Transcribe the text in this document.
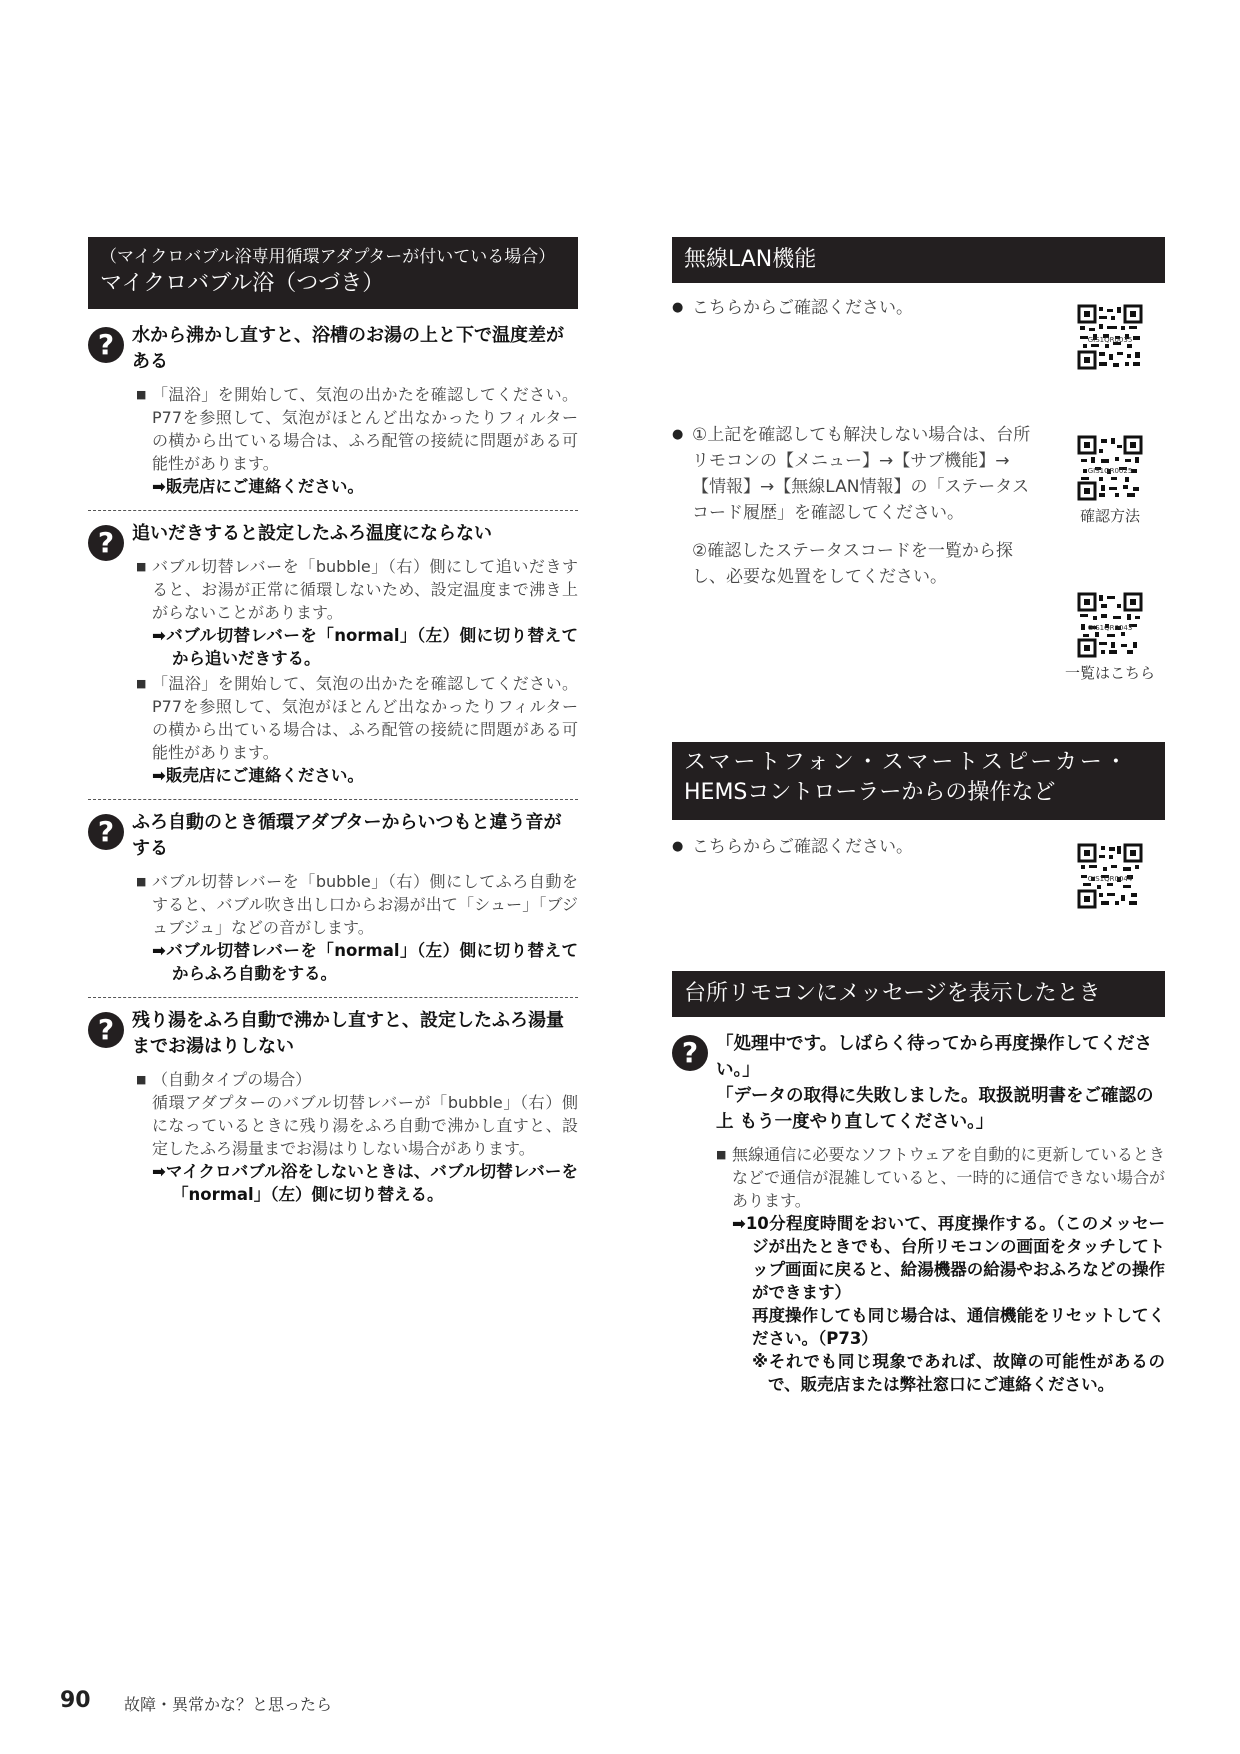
（マイクロバブル浴専用循環アダプターが付いている場合）
マイクロバブル浴（つづき）
? 水から沸かし直すと、浴槽のお湯の上と下で温度差がある
■ 「温浴」を開始して、気泡の出かたを確認してください。P77を参照して、気泡がほとんど出なかったりフィルターの横から出ている場合は、ふろ配管の接続に問題がある可能性があります。
➡販売店にご連絡ください。
? 追いだきすると設定したふろ温度にならない
■ バブル切替レバーを「bubble」（右）側にして追いだきすると、お湯が正常に循環しないため、設定温度まで沸き上がらないことがあります。
➡バブル切替レバーを「normal」（左）側に切り替えてから追いだきする。
■ 「温浴」を開始して、気泡の出かたを確認してください。P77を参照して、気泡がほとんど出なかったりフィルターの横から出ている場合は、ふろ配管の接続に問題がある可能性があります。
➡販売店にご連絡ください。
? ふろ自動のとき循環アダプターからいつもと違う音がする
■ バブル切替レバーを「bubble」（右）側にしてふろ自動をすると、バブル吹き出し口からお湯が出て「シュー」「ブジュブジュ」などの音がします。
➡バブル切替レバーを「normal」（左）側に切り替えてからふろ自動をする。
? 残り湯をふろ自動で沸かし直すと、設定したふろ湯量までお湯はりしない
■ （自動タイプの場合）
循環アダプターのバブル切替レバーが「bubble」（右）側になっているときに残り湯をふろ自動で沸かし直すと、設定したふろ湯量までお湯はりしない場合があります。
➡マイクロバブル浴をしないときは、バブル切替レバーを「normal」（左）側に切り替える。
無線LAN機能
● こちらからご確認ください。
GIS1QR0035
● ①上記を確認しても解決しない場合は、台所リモコンの【メニュー】→【サブ機能】→【情報】→【無線LAN情報】の「ステータスコード履歴」を確認してください。
②確認したステータスコードを一覧から探し、必要な処置をしてください。
GIS1QR0025
確認方法
GIS1QR0043
一覧はこちら
スマートフォン・スマートスピーカー・
HEMSコントローラーからの操作など
● こちらからご確認ください。
GIS1QR0044
台所リモコンにメッセージを表示したとき
?	「処理中です。しばらく待ってから再度操作してください。」
「データの取得に失敗しました。取扱説明書をご確認の上 もう一度やり直してください。」
■ 無線通信に必要なソフトウェアを自動的に更新しているときなどで通信が混雑していると、一時的に通信できない場合があります。
➡10分程度時間をおいて、再度操作する。（このメッセージが出たときでも、台所リモコンの画面をタッチしてトップ画面に戻ると、給湯機器の給湯やおふろなどの操作ができます）
再度操作しても同じ場合は、通信機能をリセットしてください。（P73）
※それでも同じ現象であれば、故障の可能性があるので、販売店または弊社窓口にご連絡ください。
90 故障・異常かな？と思ったら
